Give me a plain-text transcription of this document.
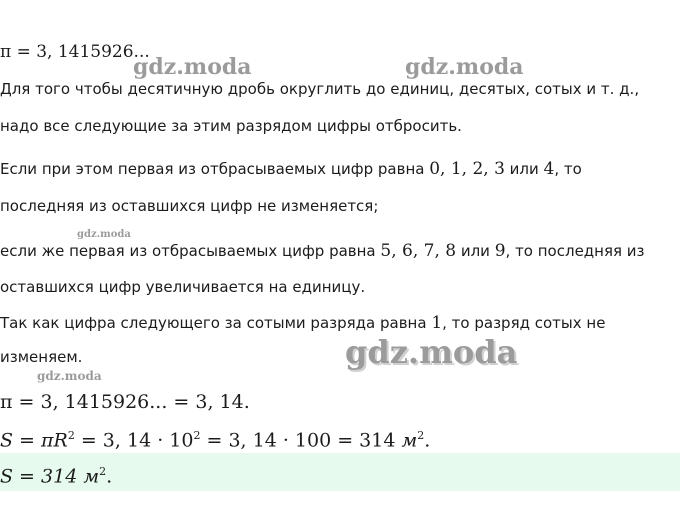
gdz.moda	gdz.moda
gdz.moda
gdz.moda
gdz.moda
π = 3, 1415926...
Для того чтобы десятичную дробь округлить до единиц, десятых, сотых и т. д.,
надо все следующие за этим разрядом цифры отбросить.
Если при этом первая из отбрасываемых цифр равна 0, 1, 2, 3 или 4, то
последняя из оставшихся цифр не изменяется;
если же первая из отбрасываемых цифр равна 5, 6, 7, 8 или 9, то последняя из
оставшихся цифр увеличивается на единицу.
Так как цифра следующего за сотыми разряда равна 1, то разряд сотых не
изменяем.
π = 3, 1415926... = 3, 14.
$S = \pi R^2 = 3$, $14 \cdot 10^2 = 3$, 14 · 100 = 314 $м^2$.
S = 314 $м^2$.
